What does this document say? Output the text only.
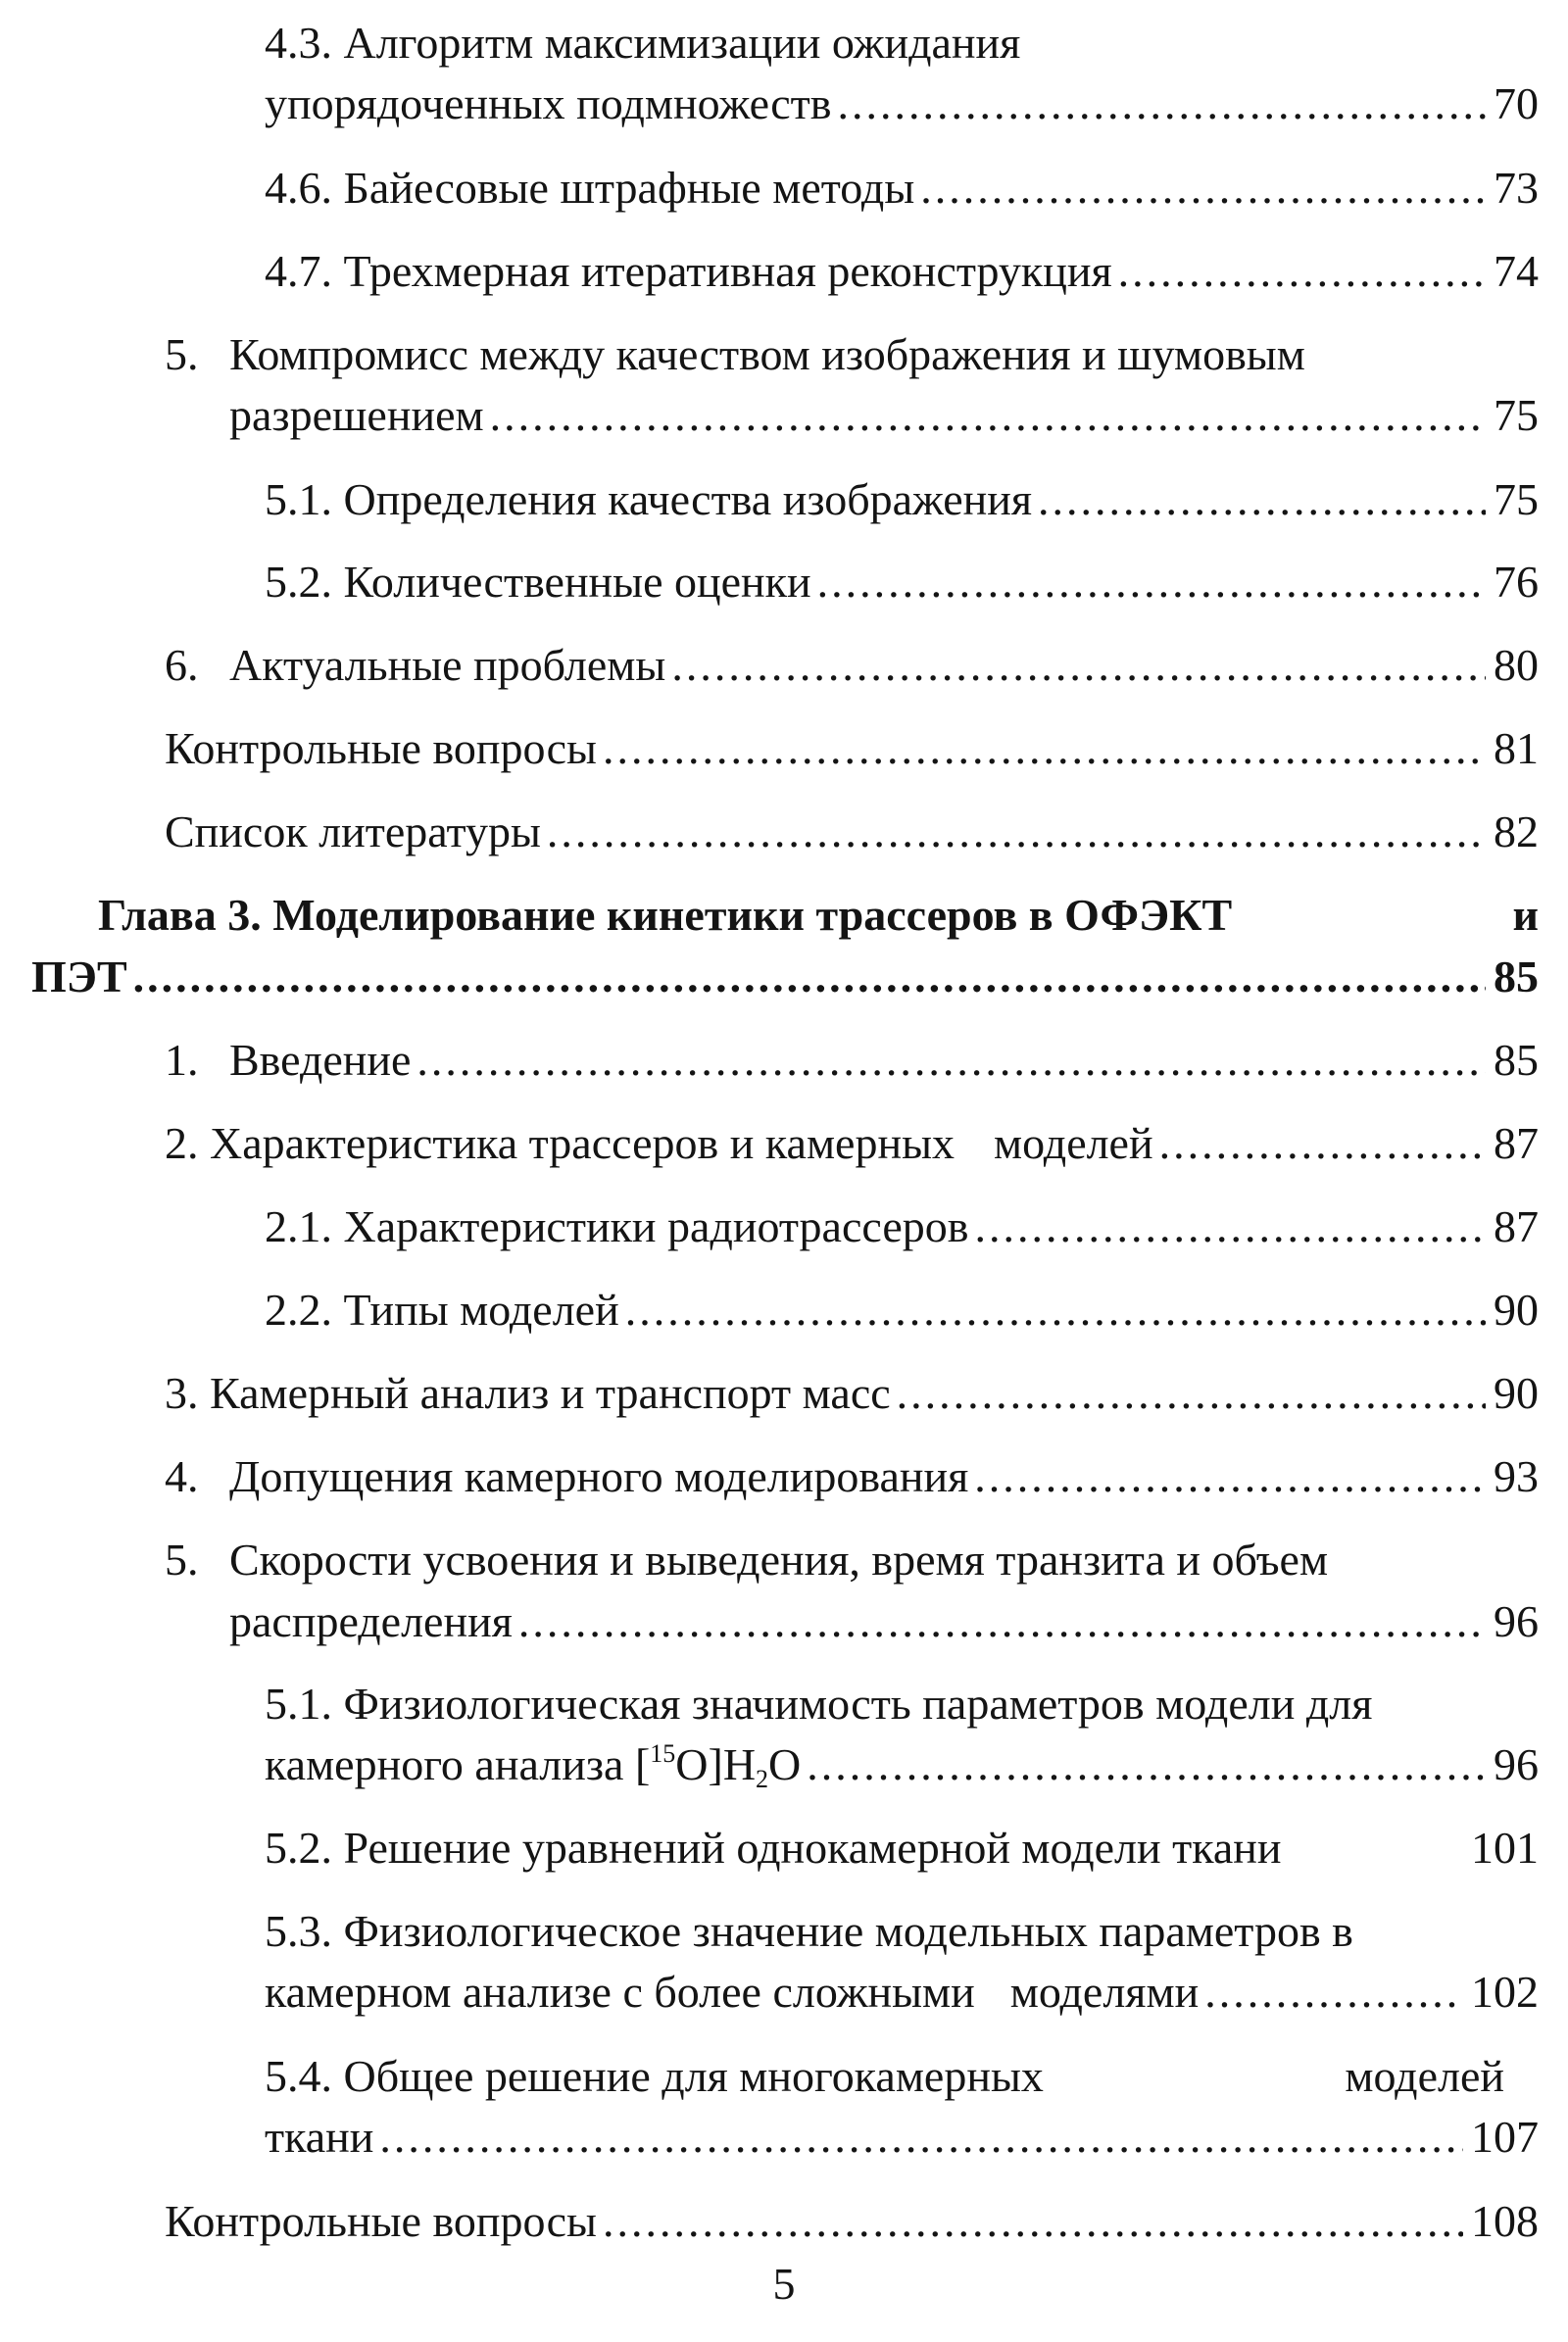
4.3. Алгоритм максимизации ожидания
упорядоченных подмножеств .....	70
4.6. Байесовые штрафные методы .....	73
4.7. Трехмерная итеративная реконструкция .....	74
5. Компромисс между качеством изображения и шумовым
разрешением .....	75
5.1. Определения качества изображения .....	75
5.2. Количественные оценки .....	76
6. Актуальные проблемы .....	80
Контрольные вопросы .....	81
Список литературы .....	82
Глава 3. Моделирование кинетики трассеров в ОФЭКТ	и
ПЭТ .....	85
1. Введение .....	85
2. Характеристика трассеров и камерных моделей .....	87
2.1. Характеристики радиотрассеров .....	87
2.2. Типы моделей .....	90
3. Камерный анализ и транспорт масс .....	90
4. Допущения камерного моделирования .....	93
5. Скорости усвоения и выведения, время транзита и объем
распределения .....	96
5.1. Физиологическая значимость параметров модели для
камерного анализа $[^{15}O]H_2O$ .....	96
5.2. Решение уравнений однокамерной модели ткани	101
5.3. Физиологическое значение модельных параметров в
камерном анализе с более сложными моделями .....	102
5.4. Общее решение для многокамерных	моделей
ткани .....	107
Контрольные вопросы .....	108
5
